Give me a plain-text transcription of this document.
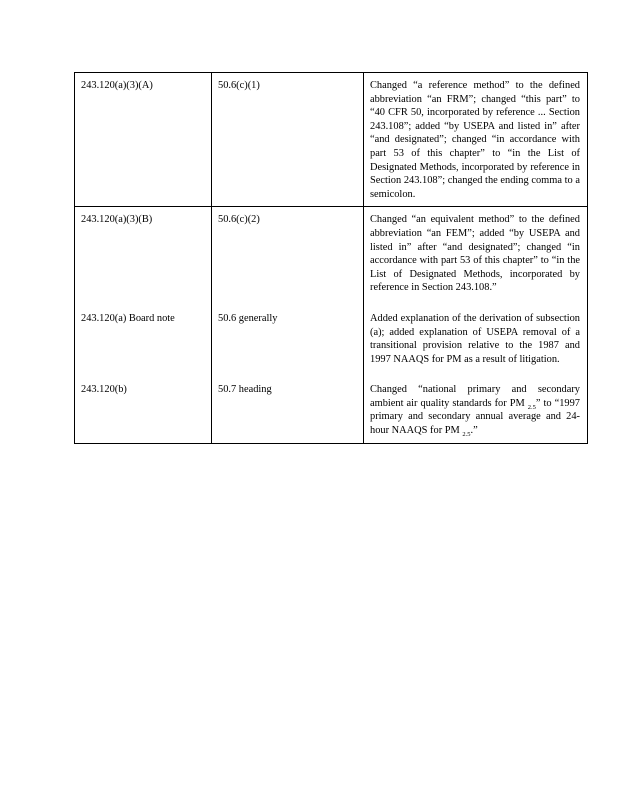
243.120(a)(3)(A)	50.6(c)(1)	Changed “a reference method” to the defined abbreviation “an FRM”; changed “this part” to “40 CFR 50, incorporated by reference ... Section 243.108”; added “by USEPA and listed in” after “and designated”; changed “in accordance with part 53 of this chapter” to “in the List of Designated Methods, incorporated by reference in Section 243.108”; changed the ending comma to a semicolon.
243.120(a)(3)(B)	50.6(c)(2)	Changed “an equivalent method” to the defined abbreviation “an FEM”; added “by USEPA and listed in” after “and designated”; changed “in accordance with part 53 of this chapter” to “in the List of Designated Methods, incorporated by reference in Section 243.108.”
243.120(a) Board note	50.6 generally	Added explanation of the derivation of subsection (a); added explanation of USEPA removal of a transitional provision relative to the 1987 and 1997 NAAQS for PM as a result of litigation.
243.120(b)	50.7 heading	Changed “national primary and secondary ambient air quality standards for PM $_{2.5}$” to “1997 primary and secondary annual average and 24-hour NAAQS for PM $_{2.5}$.”
